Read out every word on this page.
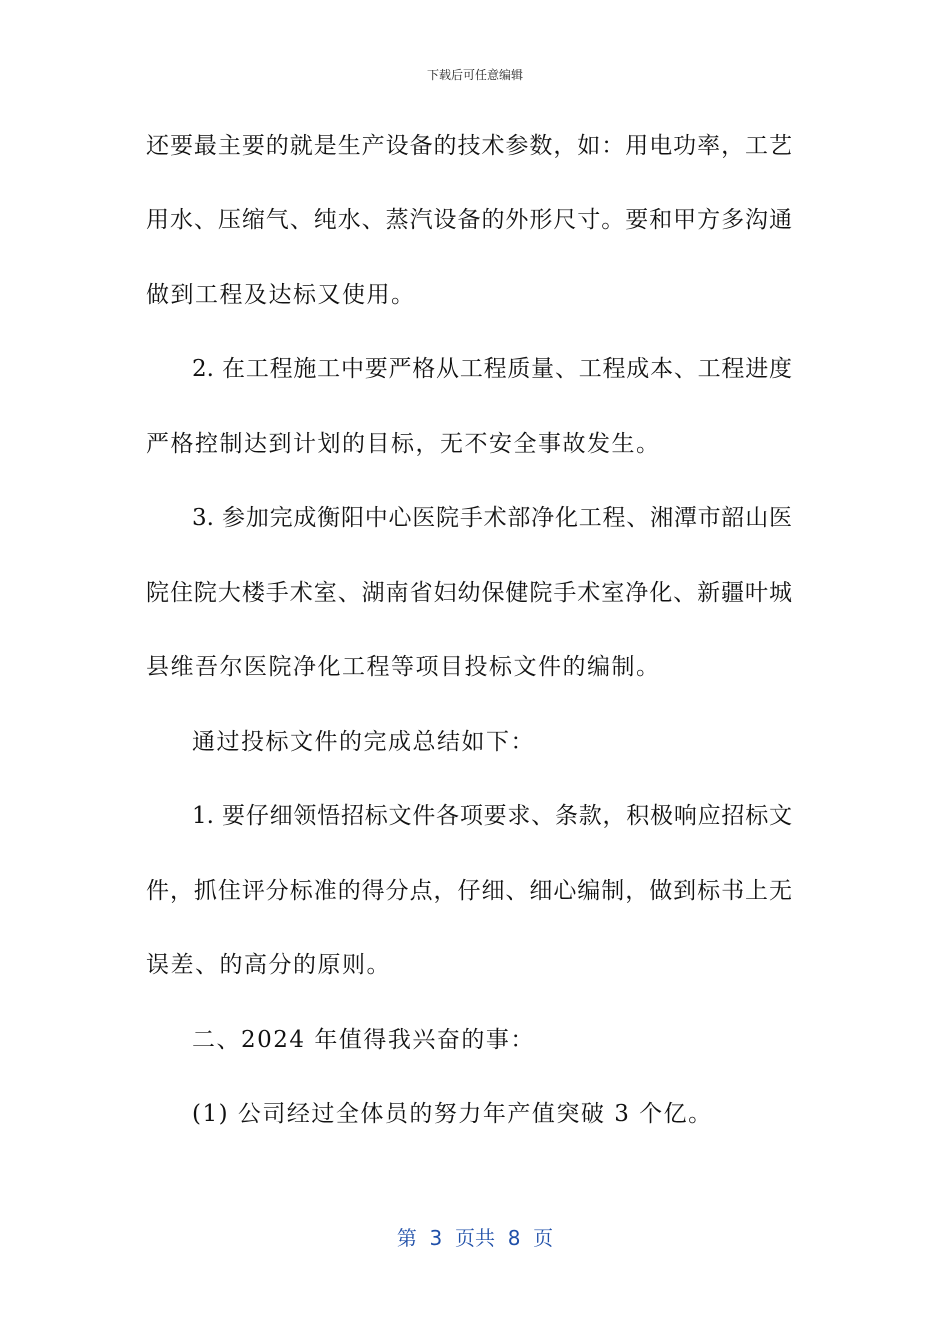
下载后可任意编辑
还要最主要的就是生产设备的技术参数，如：用电功率，工艺
用水、压缩气、纯水、蒸汽设备的外形尺寸。要和甲方多沟通
做到工程及达标又使用。
2. 在工程施工中要严格从工程质量、工程成本、工程进度
严格控制达到计划的目标，无不安全事故发生。
3. 参加完成衡阳中心医院手术部净化工程、湘潭市韶山医
院住院大楼手术室、湖南省妇幼保健院手术室净化、新疆叶城
县维吾尔医院净化工程等项目投标文件的编制。
通过投标文件的完成总结如下：
1. 要仔细领悟招标文件各项要求、条款，积极响应招标文
件，抓住评分标准的得分点，仔细、细心编制，做到标书上无
误差、的高分的原则。
二、2024 年值得我兴奋的事：
(1) 公司经过全体员的努力年产值突破 3 个亿。
第  3  页共  8  页
